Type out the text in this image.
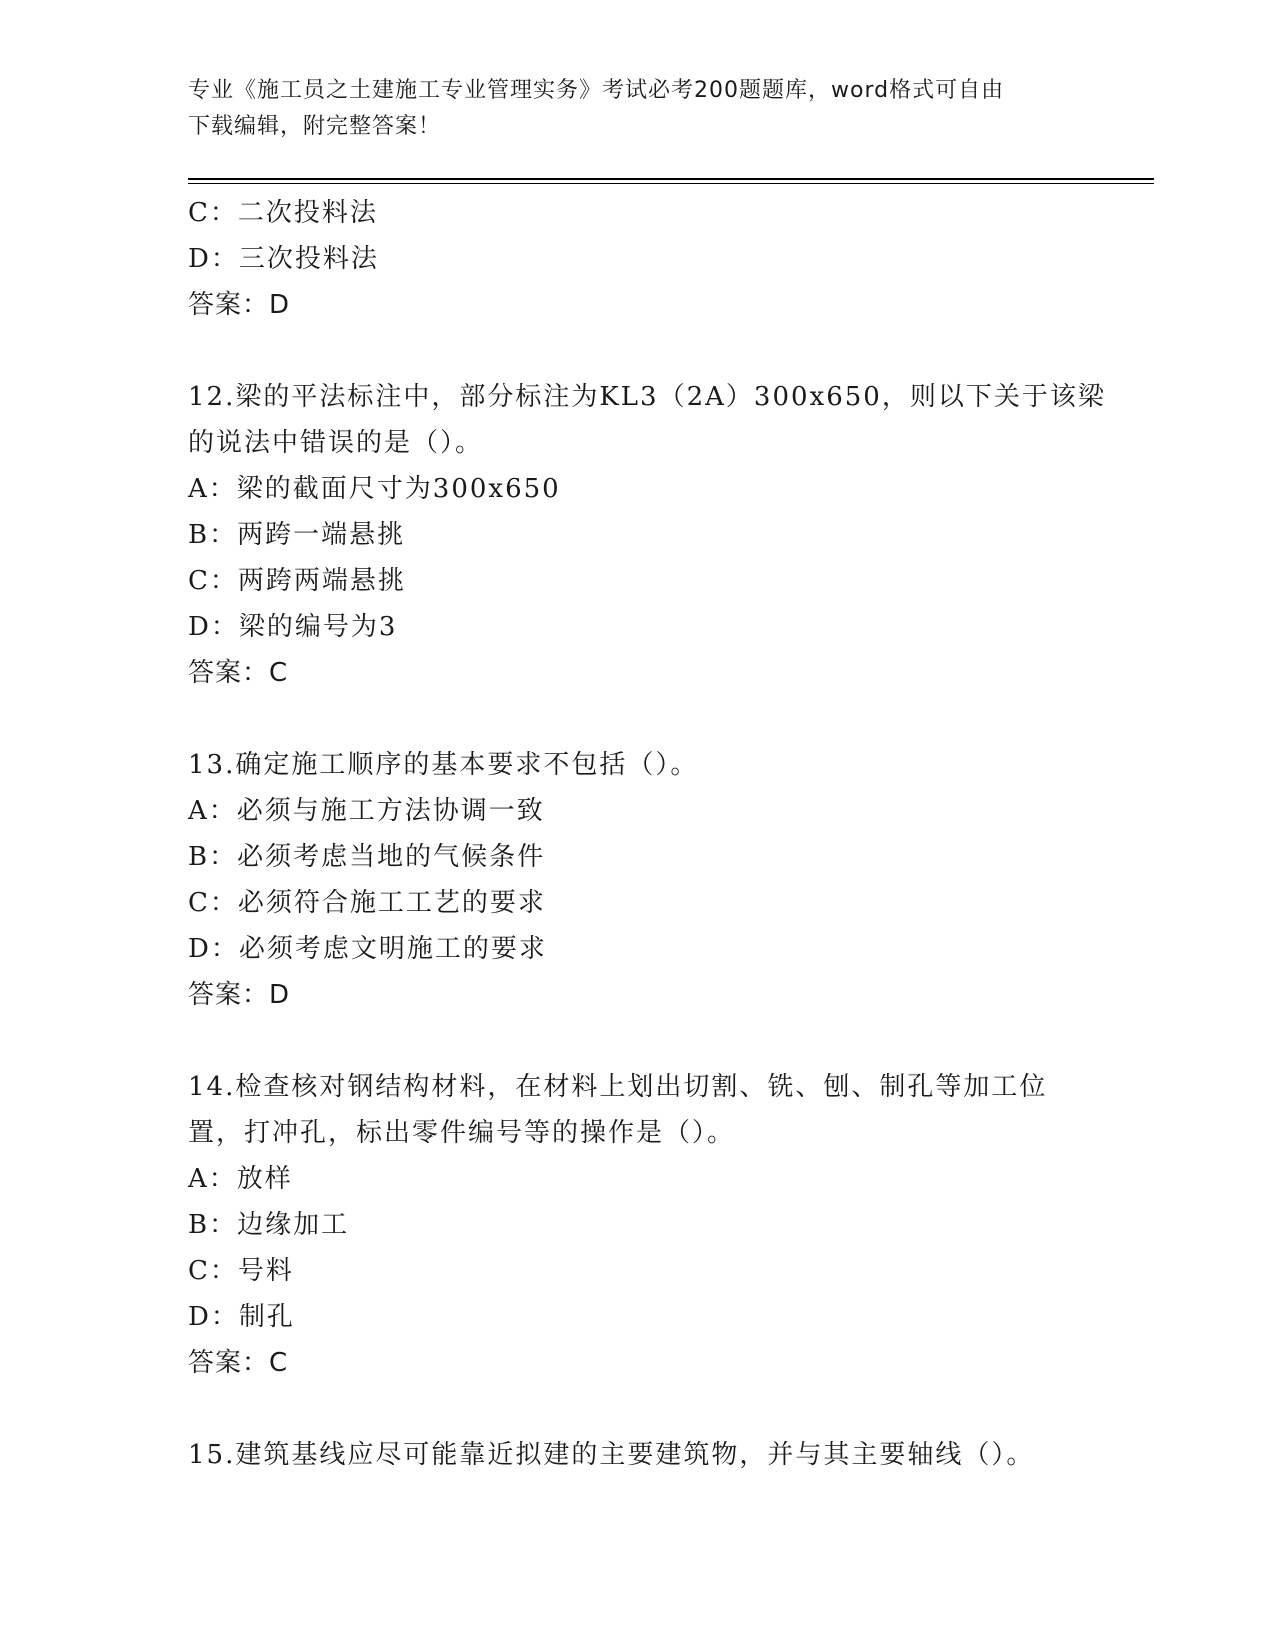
专业《施工员之土建施工专业管理实务》考试必考200题题库，word格式可自由
下载编辑，附完整答案！
C：二次投料法
D：三次投料法
答案：D
12.梁的平法标注中，部分标注为KL3（2A）300x650，则以下关于该梁
的说法中错误的是（）。
A：梁的截面尺寸为300x650
B：两跨一端悬挑
C：两跨两端悬挑
D：梁的编号为3
答案：C
13.确定施工顺序的基本要求不包括（）。
A：必须与施工方法协调一致
B：必须考虑当地的气候条件
C：必须符合施工工艺的要求
D：必须考虑文明施工的要求
答案：D
14.检查核对钢结构材料，在材料上划出切割、铣、刨、制孔等加工位
置，打冲孔，标出零件编号等的操作是（）。
A：放样
B：边缘加工
C：号料
D：制孔
答案：C
15.建筑基线应尽可能靠近拟建的主要建筑物，并与其主要轴线（）。
